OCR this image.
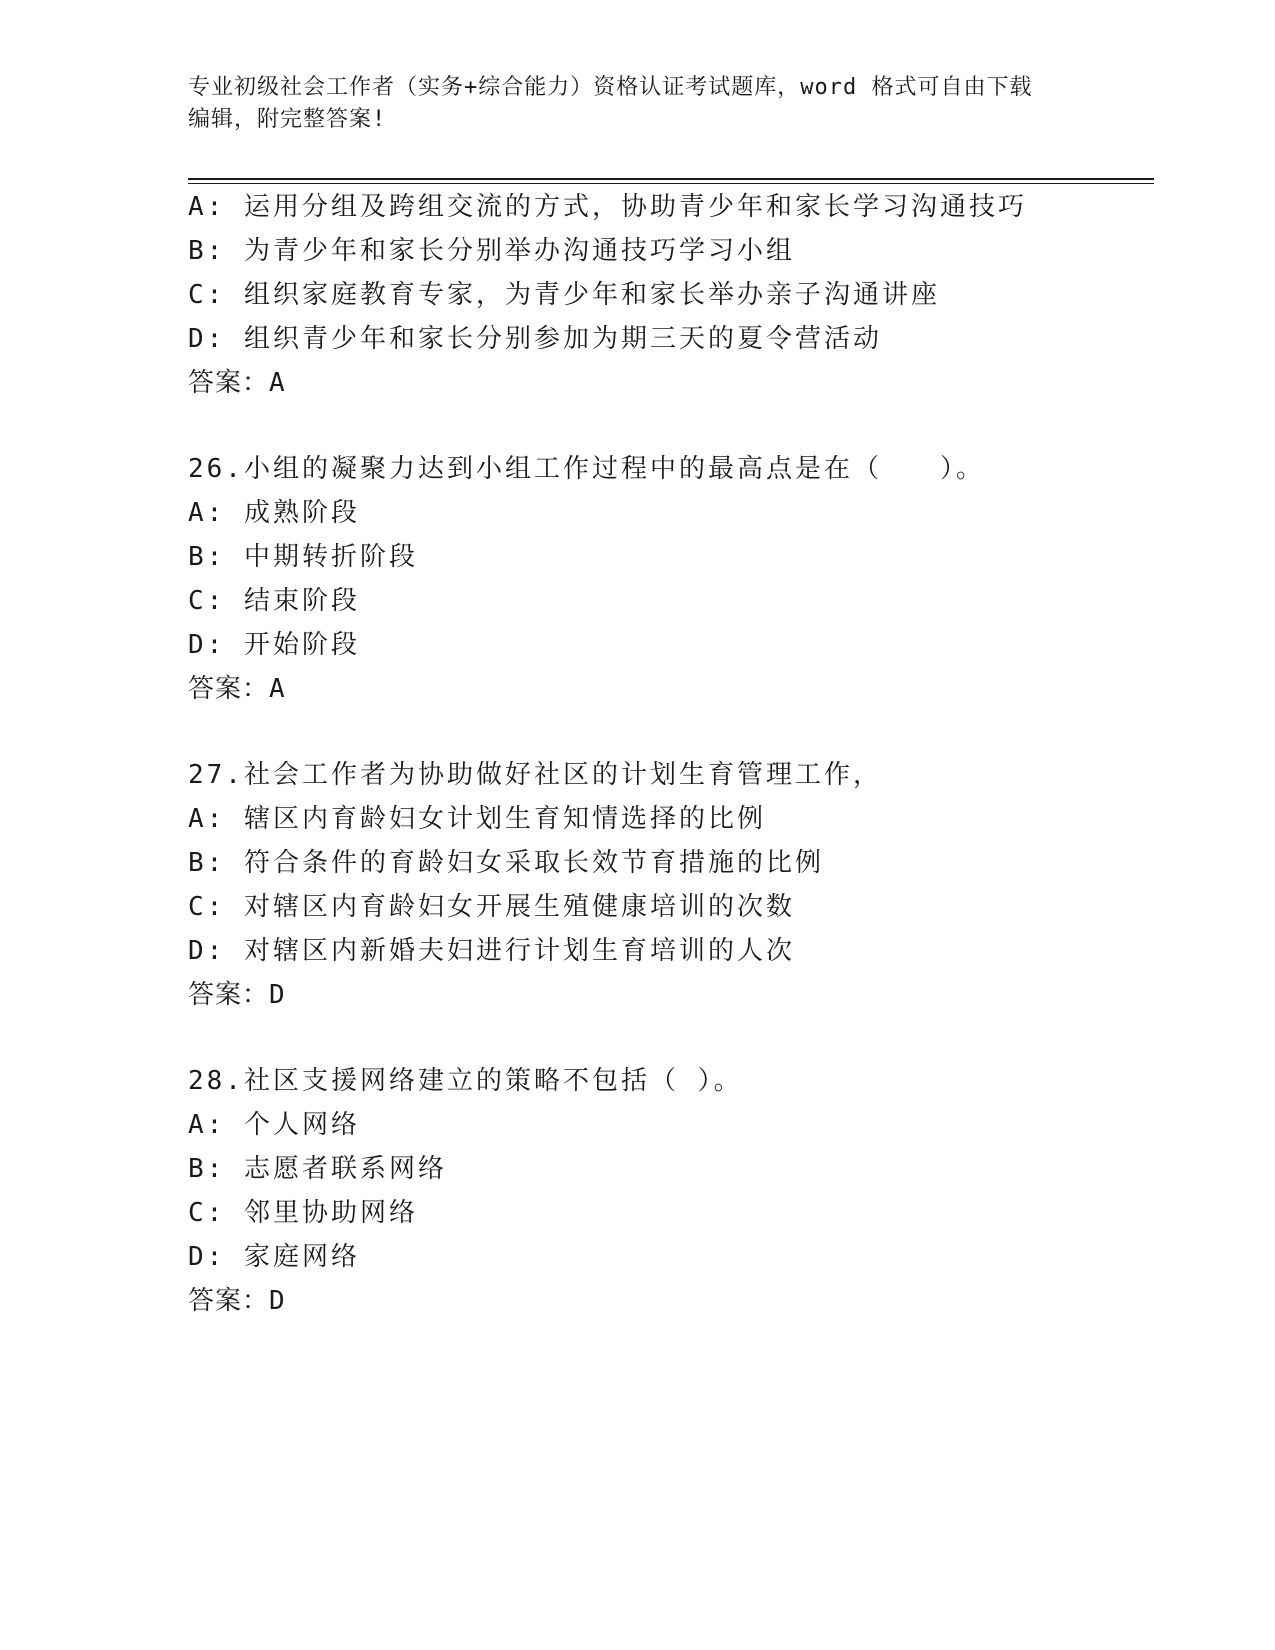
专业初级社会工作者（实务+综合能力）资格认证考试题库，word 格式可自由下载
编辑，附完整答案!
A: 运用分组及跨组交流的方式，协助青少年和家长学习沟通技巧
B: 为青少年和家长分别举办沟通技巧学习小组
C: 组织家庭教育专家，为青少年和家长举办亲子沟通讲座
D: 组织青少年和家长分别参加为期三天的夏令营活动
答案：A
26.小组的凝聚力达到小组工作过程中的最高点是在（　　）。
A: 成熟阶段
B: 中期转折阶段
C: 结束阶段
D: 开始阶段
答案：A
27.社会工作者为协助做好社区的计划生育管理工作，
A: 辖区内育龄妇女计划生育知情选择的比例
B: 符合条件的育龄妇女采取长效节育措施的比例
C: 对辖区内育龄妇女开展生殖健康培训的次数
D: 对辖区内新婚夫妇进行计划生育培训的人次
答案：D
28.社区支援网络建立的策略不包括（ ）。
A: 个人网络
B: 志愿者联系网络
C: 邻里协助网络
D: 家庭网络
答案：D
